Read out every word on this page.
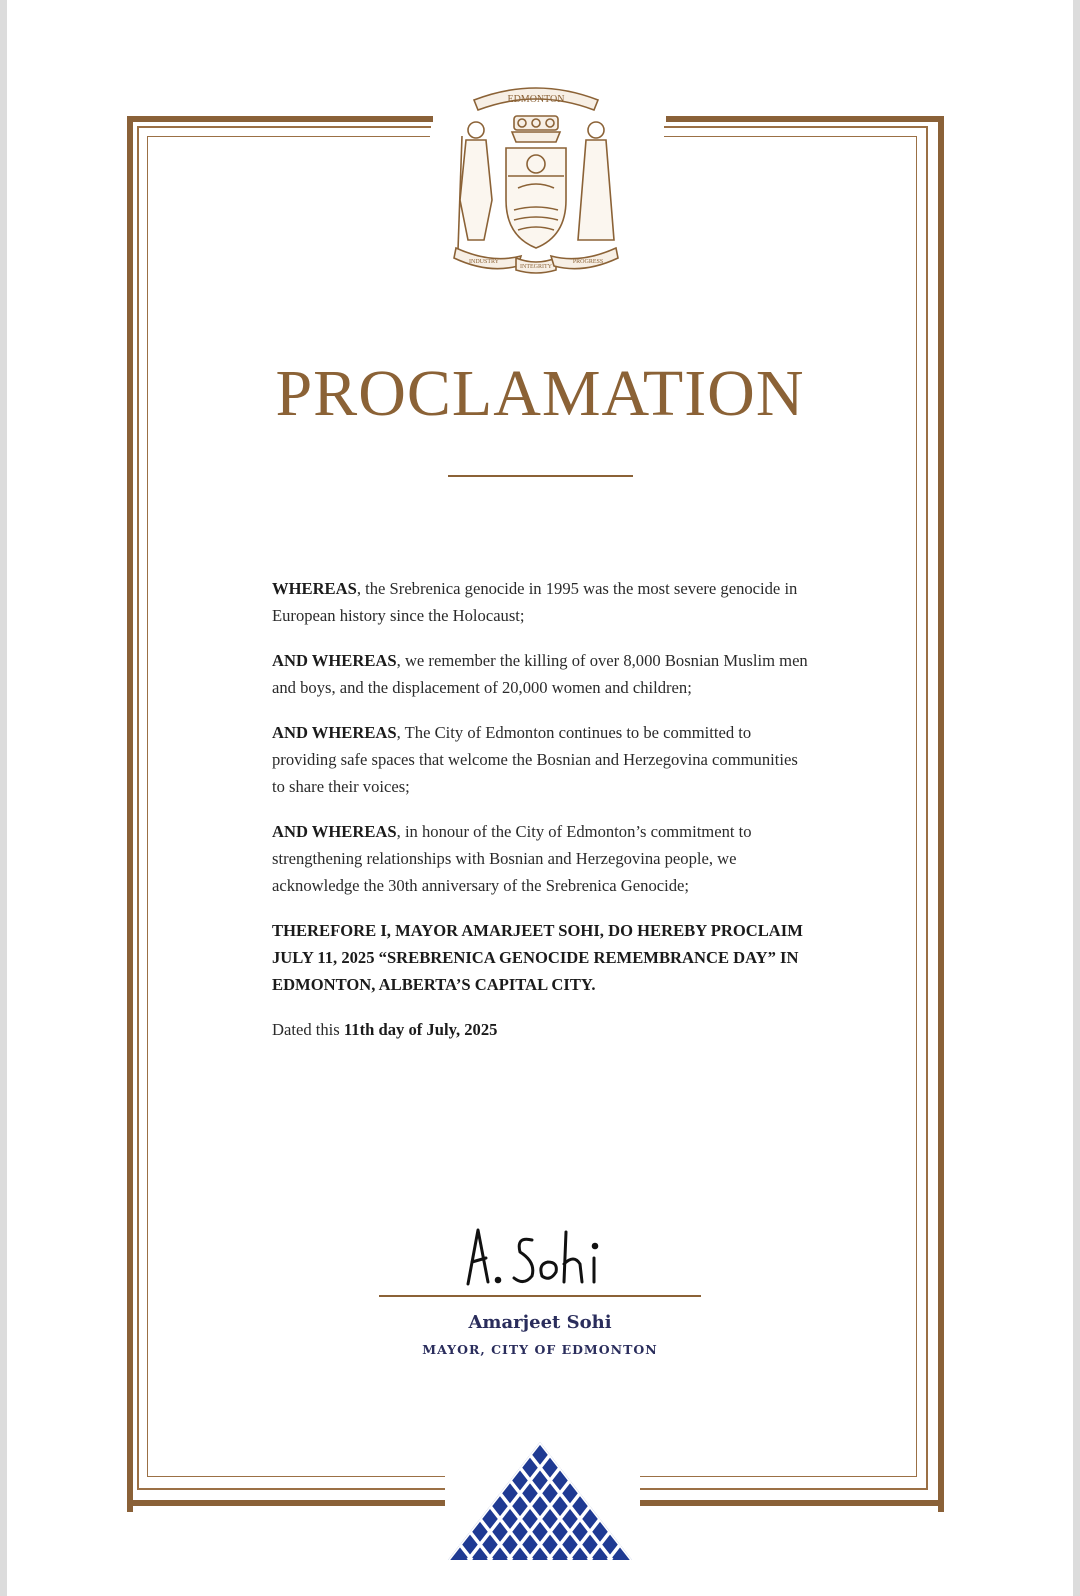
EDMONTON
INDUSTRY
INTEGRITY
PROGRESS
PROCLAMATION

WHEREAS, the Srebrenica genocide in 1995 was the most severe genocide in European history since the Holocaust;

AND WHEREAS, we remember the killing of over 8,000 Bosnian Muslim men and boys, and the displacement of 20,000 women and children;

AND WHEREAS, The City of Edmonton continues to be committed to providing safe spaces that welcome the Bosnian and Herzegovina communities to share their voices;

AND WHEREAS, in honour of the City of Edmonton’s commitment to strengthening relationships with Bosnian and Herzegovina people, we acknowledge the 30th anniversary of the Srebrenica Genocide;

THEREFORE I, MAYOR AMARJEET SOHI, DO HEREBY PROCLAIM JULY 11, 2025 “SREBRENICA GENOCIDE REMEMBRANCE DAY” IN EDMONTON, ALBERTA’S CAPITAL CITY.

Dated this 11th day of July, 2025

Amarjeet Sohi
MAYOR, CITY OF EDMONTON
